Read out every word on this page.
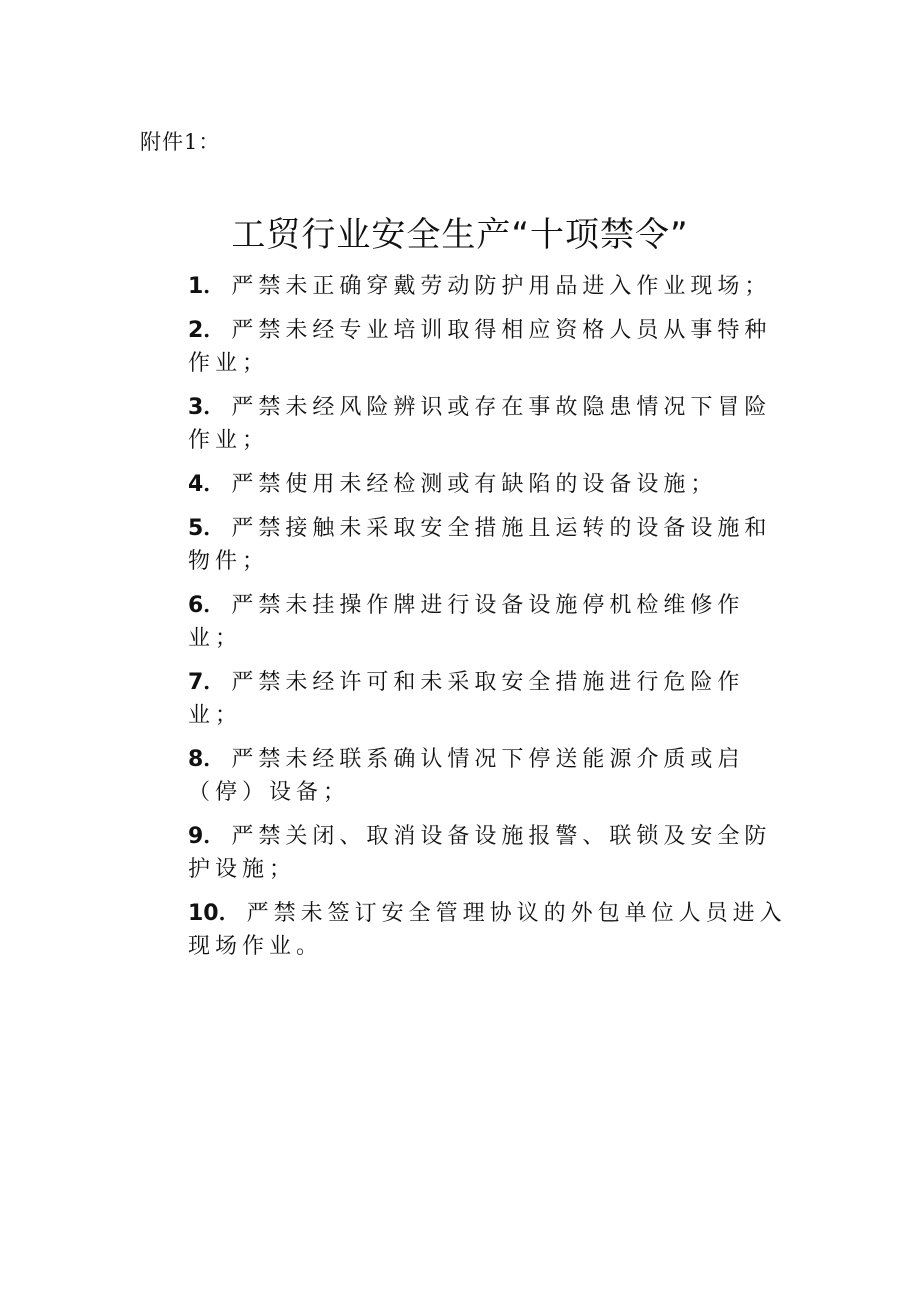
附件1：
工贸行业安全生产“十项禁令”
1． 严禁未正确穿戴劳动防护用品进入作业现场；
2． 严禁未经专业培训取得相应资格人员从事特种作业；
3． 严禁未经风险辨识或存在事故隐患情况下冒险作业；
4． 严禁使用未经检测或有缺陷的设备设施；
5． 严禁接触未采取安全措施且运转的设备设施和物件；
6． 严禁未挂操作牌进行设备设施停机检维修作业；
7． 严禁未经许可和未采取安全措施进行危险作业；
8． 严禁未经联系确认情况下停送能源介质或启（停）设备；
9． 严禁关闭、取消设备设施报警、联锁及安全防护设施；
10． 严禁未签订安全管理协议的外包单位人员进入现场作业。
